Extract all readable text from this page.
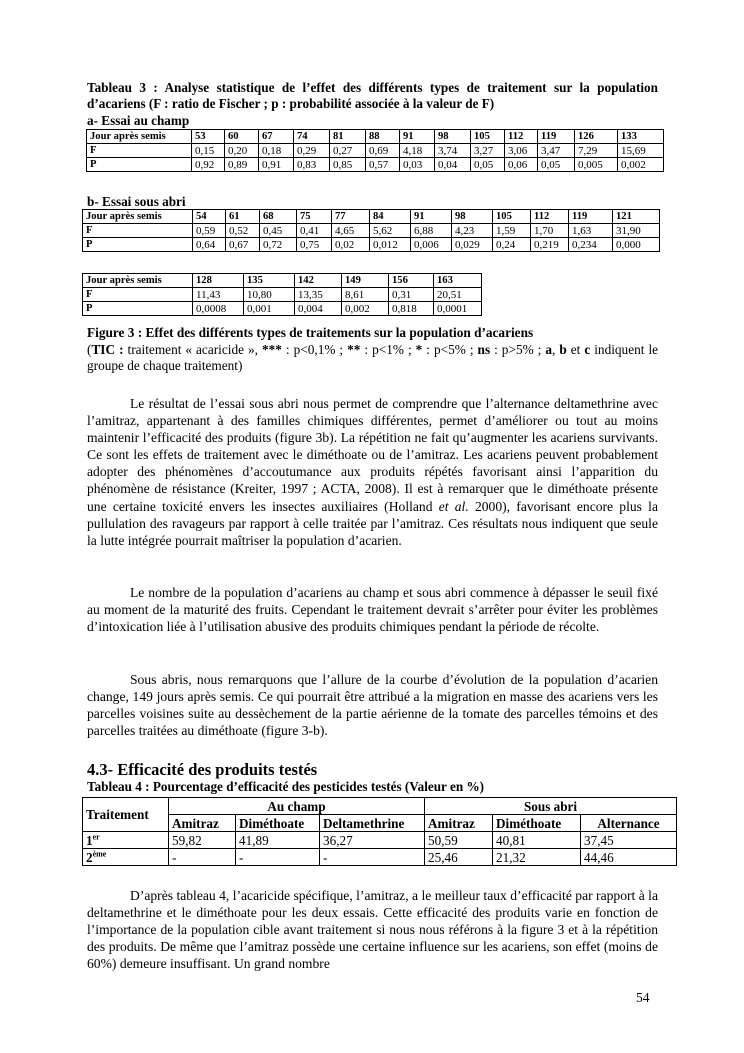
Tableau 3 : Analyse statistique de l’effet des différents types de traitement sur la population d’acariens (F : ratio de Fischer ; p : probabilité associée à la valeur de F)
a- Essai au champ
Jour après semis	53	60	67	74	81	88	91	98	105	112	119	126	133
F	0,15	0,20	0,18	0,29	0,27	0,69	4,18	3,74	3,27	3,06	3,47	7,29	15,69
P	0,92	0,89	0,91	0,83	0,85	0,57	0,03	0,04	0,05	0,06	0,05	0,005	0,002
b- Essai sous abri
Jour après semis	54	61	68	75	77	84	91	98	105	112	119	121
F	0,59	0,52	0,45	0,41	4,65	5,62	6,88	4,23	1,59	1,70	1,63	31,90
P	0,64	0,67	0,72	0,75	0,02	0,012	0,006	0,029	0,24	0,219	0,234	0,000
Jour après semis	128	135	142	149	156	163
F	11,43	10,80	13,35	8,61	0,31	20,51
P	0,0008	0,001	0,004	0,002	0,818	0,0001
Figure 3 : Effet des différents types de traitements sur la population d’acariens
(TIC : traitement « acaricide », *** : p<0,1% ; ** : p<1% ; * : p<5% ; ns : p>5% ; a, b et c indiquent le groupe de chaque traitement)
Le résultat de l’essai sous abri nous permet de comprendre que l’alternance deltamethrine avec l’amitraz, appartenant à des familles chimiques différentes, permet d’améliorer ou tout au moins maintenir l’efficacité des produits (figure 3b). La répétition ne fait qu’augmenter les acariens survivants. Ce sont les effets de traitement avec le diméthoate ou de l’amitraz. Les acariens peuvent probablement adopter des phénomènes d’accoutumance aux produits répétés favorisant ainsi l’apparition du phénomène de résistance (Kreiter, 1997 ; ACTA, 2008). Il est à remarquer que le diméthoate présente une certaine toxicité envers les insectes auxiliaires (Holland et al. 2000), favorisant encore plus la pullulation des ravageurs par rapport à celle traitée par l’amitraz. Ces résultats nous indiquent que seule la lutte intégrée pourrait maîtriser la population d’acarien.
Le nombre de la population d’acariens au champ et sous abri commence à dépasser le seuil fixé au moment de la maturité des fruits. Cependant le traitement devrait s’arrêter pour éviter les problèmes d’intoxication liée à l’utilisation abusive des produits chimiques pendant la période de récolte.
Sous abris, nous remarquons que l’allure de la courbe d’évolution de la population d’acarien change, 149 jours après semis. Ce qui pourrait être attribué a la migration en masse des acariens vers les parcelles voisines suite au dessèchement de la partie aérienne de la tomate des parcelles témoins et des parcelles traitées au diméthoate (figure 3-b).
4.3- Efficacité des produits testés
Tableau 4 : Pourcentage d’efficacité des pesticides testés (Valeur en %)
Traitement	Au champ			Sous abri		
	Amitraz	Diméthoate	Deltamethrine	Amitraz	Diméthoate	Alternance
1er	59,82	41,89	36,27	50,59	40,81	37,45
2ème	-	-	-	25,46	21,32	44,46
D’après tableau 4, l’acaricide spécifique, l’amitraz, a le meilleur taux d’efficacité par rapport à la deltamethrine et le diméthoate pour les deux essais. Cette efficacité des produits varie en fonction de l’importance de la population cible avant traitement si nous nous référons à la figure 3 et à la répétition des produits. De même que l’amitraz possède une certaine influence sur les acariens, son effet (moins de 60%) demeure insuffisant. Un grand nombre
54
